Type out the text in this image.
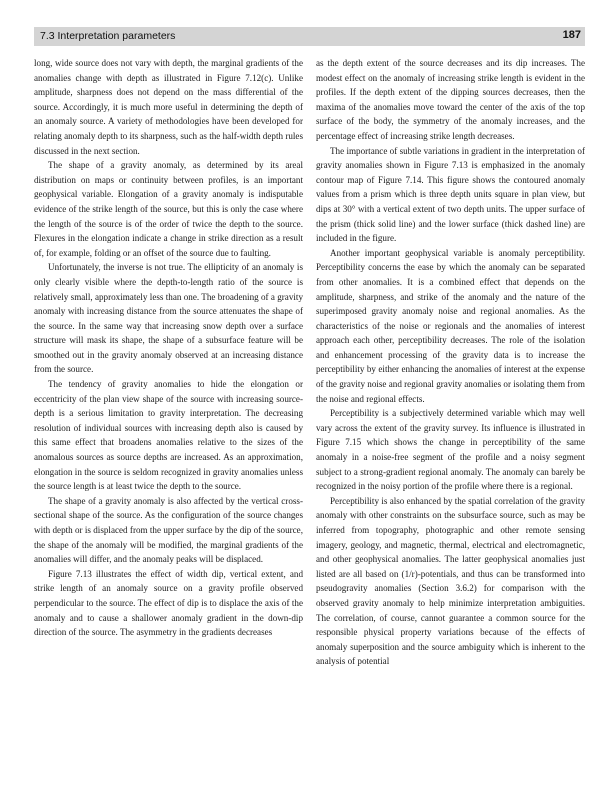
7.3 Interpretation parameters	187

long, wide source does not vary with depth, the marginal gradients of the anomalies change with depth as illustrated in Figure 7.12(c). Unlike amplitude, sharpness does not depend on the mass differential of the source. Accordingly, it is much more useful in determining the depth of an anomaly source. A variety of methodologies have been developed for relating anomaly depth to its sharpness, such as the half-width depth rules discussed in the next section.

The shape of a gravity anomaly, as determined by its areal distribution on maps or continuity between profiles, is an important geophysical variable. Elongation of a gravity anomaly is indisputable evidence of the strike length of the source, but this is only the case where the length of the source is of the order of twice the depth to the source. Flexures in the elongation indicate a change in strike direction as a result of, for example, folding or an offset of the source due to faulting.

Unfortunately, the inverse is not true. The ellipticity of an anomaly is only clearly visible where the depth-to-length ratio of the source is relatively small, approximately less than one. The broadening of a gravity anomaly with increasing distance from the source attenuates the shape of the source. In the same way that increasing snow depth over a surface structure will mask its shape, the shape of a subsurface feature will be smoothed out in the gravity anomaly observed at an increasing distance from the source.

The tendency of gravity anomalies to hide the elongation or eccentricity of the plan view shape of the source with increasing source-depth is a serious limitation to gravity interpretation. The decreasing resolution of individual sources with increasing depth also is caused by this same effect that broadens anomalies relative to the sizes of the anomalous sources as source depths are increased. As an approximation, elongation in the source is seldom recognized in gravity anomalies unless the source length is at least twice the depth to the source.

The shape of a gravity anomaly is also affected by the vertical cross-sectional shape of the source. As the configuration of the source changes with depth or is displaced from the upper surface by the dip of the source, the shape of the anomaly will be modified, the marginal gradients of the anomalies will differ, and the anomaly peaks will be displaced.

Figure 7.13 illustrates the effect of width dip, vertical extent, and strike length of an anomaly source on a gravity profile observed perpendicular to the source. The effect of dip is to displace the axis of the anomaly and to cause a shallower anomaly gradient in the down-dip direction of the source. The asymmetry in the gradients decreases

as the depth extent of the source decreases and its dip increases. The modest effect on the anomaly of increasing strike length is evident in the profiles. If the depth extent of the dipping sources decreases, then the maxima of the anomalies move toward the center of the axis of the top surface of the body, the symmetry of the anomaly increases, and the percentage effect of increasing strike length decreases.

The importance of subtle variations in gradient in the interpretation of gravity anomalies shown in Figure 7.13 is emphasized in the anomaly contour map of Figure 7.14. This figure shows the contoured anomaly values from a prism which is three depth units square in plan view, but dips at 30° with a vertical extent of two depth units. The upper surface of the prism (thick solid line) and the lower surface (thick dashed line) are included in the figure.

Another important geophysical variable is anomaly perceptibility. Perceptibility concerns the ease by which the anomaly can be separated from other anomalies. It is a combined effect that depends on the amplitude, sharpness, and strike of the anomaly and the nature of the superimposed gravity anomaly noise and regional anomalies. As the characteristics of the noise or regionals and the anomalies of interest approach each other, perceptibility decreases. The role of the isolation and enhancement processing of the gravity data is to increase the perceptibility by either enhancing the anomalies of interest at the expense of the gravity noise and regional gravity anomalies or isolating them from the noise and regional effects.

Perceptibility is a subjectively determined variable which may well vary across the extent of the gravity survey. Its influence is illustrated in Figure 7.15 which shows the change in perceptibility of the same anomaly in a noise-free segment of the profile and a noisy segment subject to a strong-gradient regional anomaly. The anomaly can barely be recognized in the noisy portion of the profile where there is a regional.

Perceptibility is also enhanced by the spatial correlation of the gravity anomaly with other constraints on the subsurface source, such as may be inferred from topography, photographic and other remote sensing imagery, geology, and magnetic, thermal, electrical and electromagnetic, and other geophysical anomalies. The latter geophysical anomalies just listed are all based on (1/r)-potentials, and thus can be transformed into pseudogravity anomalies (Section 3.6.2) for comparison with the observed gravity anomaly to help minimize interpretation ambiguities. The correlation, of course, cannot guarantee a common source for the responsible physical property variations because of the effects of anomaly superposition and the source ambiguity which is inherent to the analysis of potential
